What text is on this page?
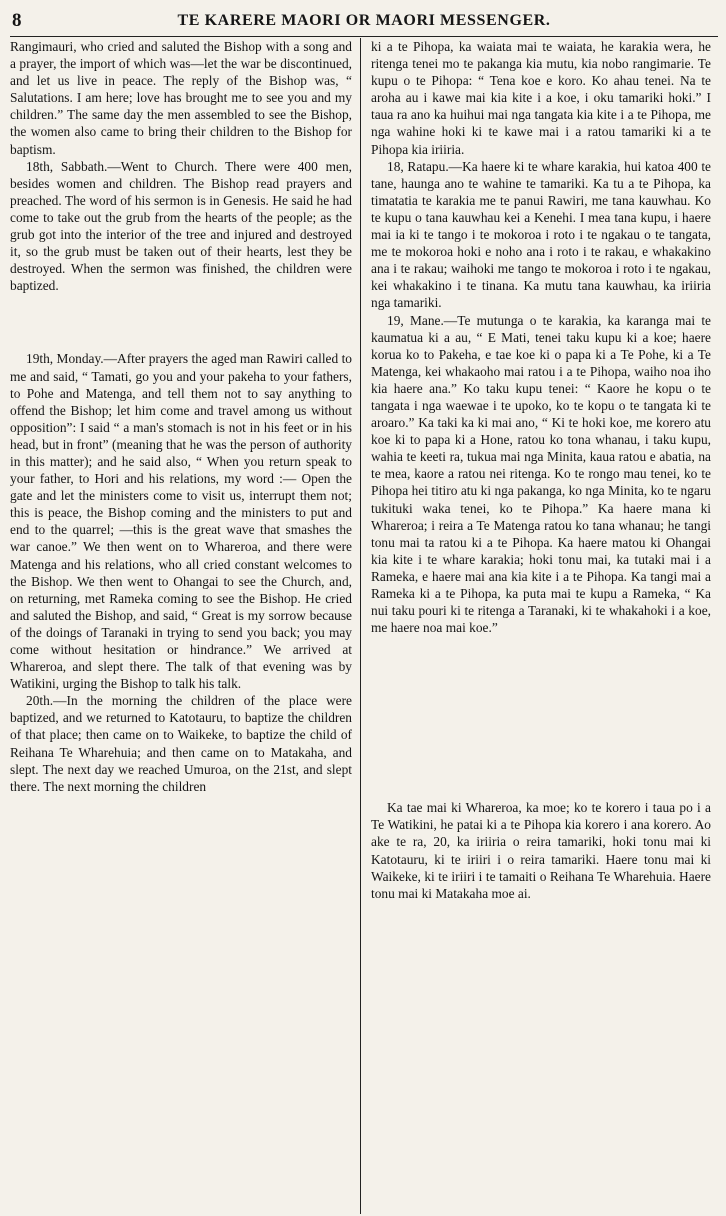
8	TE KARERE MAORI OR MAORI MESSENGER.

Rangimauri, who cried and saluted the Bishop with a song and a prayer, the import of which was—let the war be discontinued, and let us live in peace. The reply of the Bishop was, “ Salutations. I am here; love has brought me to see you and my children.” The same day the men assembled to see the Bishop, the women also came to bring their children to the Bishop for baptism.

18th, Sabbath.—Went to Church. There were 400 men, besides women and children. The Bishop read prayers and preached. The word of his sermon is in Genesis. He said he had come to take out the grub from the hearts of the people; as the grub got into the interior of the tree and injured and destroyed it, so the grub must be taken out of their hearts, lest they be destroyed. When the sermon was finished, the children were baptized.

19th, Monday.—After prayers the aged man Rawiri called to me and said, “ Tamati, go you and your pakeha to your fathers, to Pohe and Matenga, and tell them not to say anything to offend the Bishop; let him come and travel among us without opposition”: I said “ a man's stomach is not in his feet or in his head, but in front” (meaning that he was the person of authority in this matter); and he said also, “ When you return speak to your father, to Hori and his relations, my word :— Open the gate and let the ministers come to visit us, interrupt them not; this is peace, the Bishop coming and the ministers to put and end to the quarrel; —this is the great wave that smashes the war canoe.” We then went on to Whareroa, and there were Matenga and his relations, who all cried constant welcomes to the Bishop. We then went to Ohangai to see the Church, and, on returning, met Rameka coming to see the Bishop. He cried and saluted the Bishop, and said, “ Great is my sorrow because of the doings of Taranaki in trying to send you back; you may come without hesitation or hindrance.” We arrived at Whareroa, and slept there. The talk of that evening was by Watikini, urging the Bishop to talk his talk.

20th.—In the morning the children of the place were baptized, and we returned to Katotauru, to baptize the children of that place; then came on to Waikeke, to baptize the child of Reihana Te Wharehuia; and then came on to Matakaha, and slept. The next day we reached Umuroa, on the 21st, and slept there. The next morning the children

ki a te Pihopa, ka waiata mai te waiata, he karakia wera, he ritenga tenei mo te pakanga kia mutu, kia nobo rangimarie. Te kupu o te Pihopa: “ Tena koe e koro. Ko ahau tenei. Na te aroha au i kawe mai kia kite i a koe, i oku tamariki hoki.” I taua ra ano ka huihui mai nga tangata kia kite i a te Pihopa, me nga wahine hoki ki te kawe mai i a ratou tamariki ki a te Pihopa kia iriiria.

18, Ratapu.—Ka haere ki te whare karakia, hui katoa 400 te tane, haunga ano te wahine te tamariki. Ka tu a te Pihopa, ka timatatia te karakia me te panui Rawiri, me tana kauwhau. Ko te kupu o tana kauwhau kei a Kenehi. I mea tana kupu, i haere mai ia ki te tango i te mokoroa i roto i te ngakau o te tangata, me te mokoroa hoki e noho ana i roto i te rakau, e whakakino ana i te rakau; waihoki me tango te mokoroa i roto i te ngakau, kei whakakino i te tinana. Ka mutu tana kauwhau, ka iriiria nga tamariki.

19, Mane.—Te mutunga o te karakia, ka karanga mai te kaumatua ki a au, “ E Mati, tenei taku kupu ki a koe; haere korua ko to Pakeha, e tae koe ki o papa ki a Te Pohe, ki a Te Matenga, kei whakaoho mai ratou i a te Pihopa, waiho noa iho kia haere ana.” Ko taku kupu tenei: “ Kaore he kopu o te tangata i nga waewae i te upoko, ko te kopu o te tangata ki te aroaro.” Ka taki ka ki mai ano, “ Ki te hoki koe, me korero atu koe ki to papa ki a Hone, ratou ko tona whanau, i taku kupu, wahia te keeti ra, tukua mai nga Minita, kaua ratou e abatia, na te mea, kaore a ratou nei ritenga. Ko te rongo mau tenei, ko te Pihopa hei titiro atu ki nga pakanga, ko nga Minita, ko te ngaru tukituki waka tenei, ko te Pihopa.” Ka haere mana ki Whareroa; i reira a Te Matenga ratou ko tana whanau; he tangi tonu mai ta ratou ki a te Pihopa. Ka haere matou ki Ohangai kia kite i te whare karakia; hoki tonu mai, ka tutaki mai i a Rameka, e haere mai ana kia kite i a te Pihopa. Ka tangi mai a Rameka ki a te Pihopa, ka puta mai te kupu a Rameka, “ Ka nui taku pouri ki te ritenga a Taranaki, ki te whakahoki i a koe, me haere noa mai koe.”

Ka tae mai ki Whareroa, ka moe; ko te korero i taua po i a Te Watikini, he patai ki a te Pihopa kia korero i ana korero. Ao ake te ra, 20, ka iriiria o reira tamariki, hoki tonu mai ki Katotauru, ki te iriiri i o reira tamariki. Haere tonu mai ki Waikeke, ki te iriiri i te tamaiti o Reihana Te Wharehuia. Haere tonu mai ki Matakaha moe ai.
